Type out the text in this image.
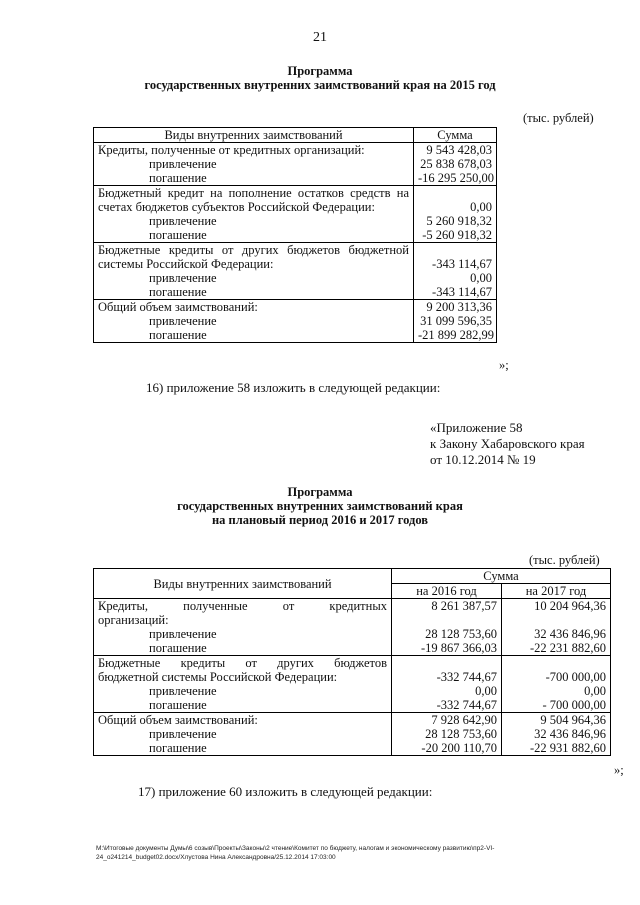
21
Программа
государственных внутренних заимствований края на 2015 год
(тыс. рублей)
Виды внутренних заимствований	Сумма
Кредиты, полученные от кредитных организаций:	9 543 428,03
привлечение	25 838 678,03
погашение	-16 295 250,00

Бюджетный кредит на пополнение остатков средств на
счетах бюджетов субъектов Российской Федерации:	0,00
привлечение	5 260 918,32
погашение	-5 260 918,32

Бюджетные кредиты от других бюджетов бюджетной
системы Российской Федерации:	-343 114,67
привлечение	0,00
погашение	-343 114,67
Общий объем заимствований:	9 200 313,36
привлечение	31 099 596,35
погашение	-21 899 282,99
»;
16) приложение 58 изложить в следующей редакции:
«Приложение 58
к Закону Хабаровского края
от 10.12.2014 № 19
Программа
государственных внутренних заимствований края
на плановый период 2016 и 2017 годов
(тыс. рублей)
Виды внутренних заимствований	Сумма	
	на 2016 год	на 2017 год

Кредиты, полученные от кредитных
организаций:	8 261 387,57	10 204 964,36
привлечение	28 128 753,60	32 436 846,96
погашение	-19 867 366,03	-22 231 882,60

Бюджетные кредиты от других бюджетов
бюджетной системы Российской Федерации:	-332 744,67	-700 000,00
привлечение	0,00	0,00
погашение	-332 744,67	- 700 000,00
Общий объем заимствований:	7 928 642,90	9 504 964,36
привлечение	28 128 753,60	32 436 846,96
погашение	-20 200 110,70	-22 931 882,60
»;
17) приложение 60 изложить в следующей редакции:
M:\Итоговые документы Думы\6 созыв\Проекты\Законы\2 чтение\Комитет по бюджету, налогам и экономическому развитию\пр2-VI-24_o241214_budget02.docx/Хлустова Нина Александровна/25.12.2014 17:03:00
